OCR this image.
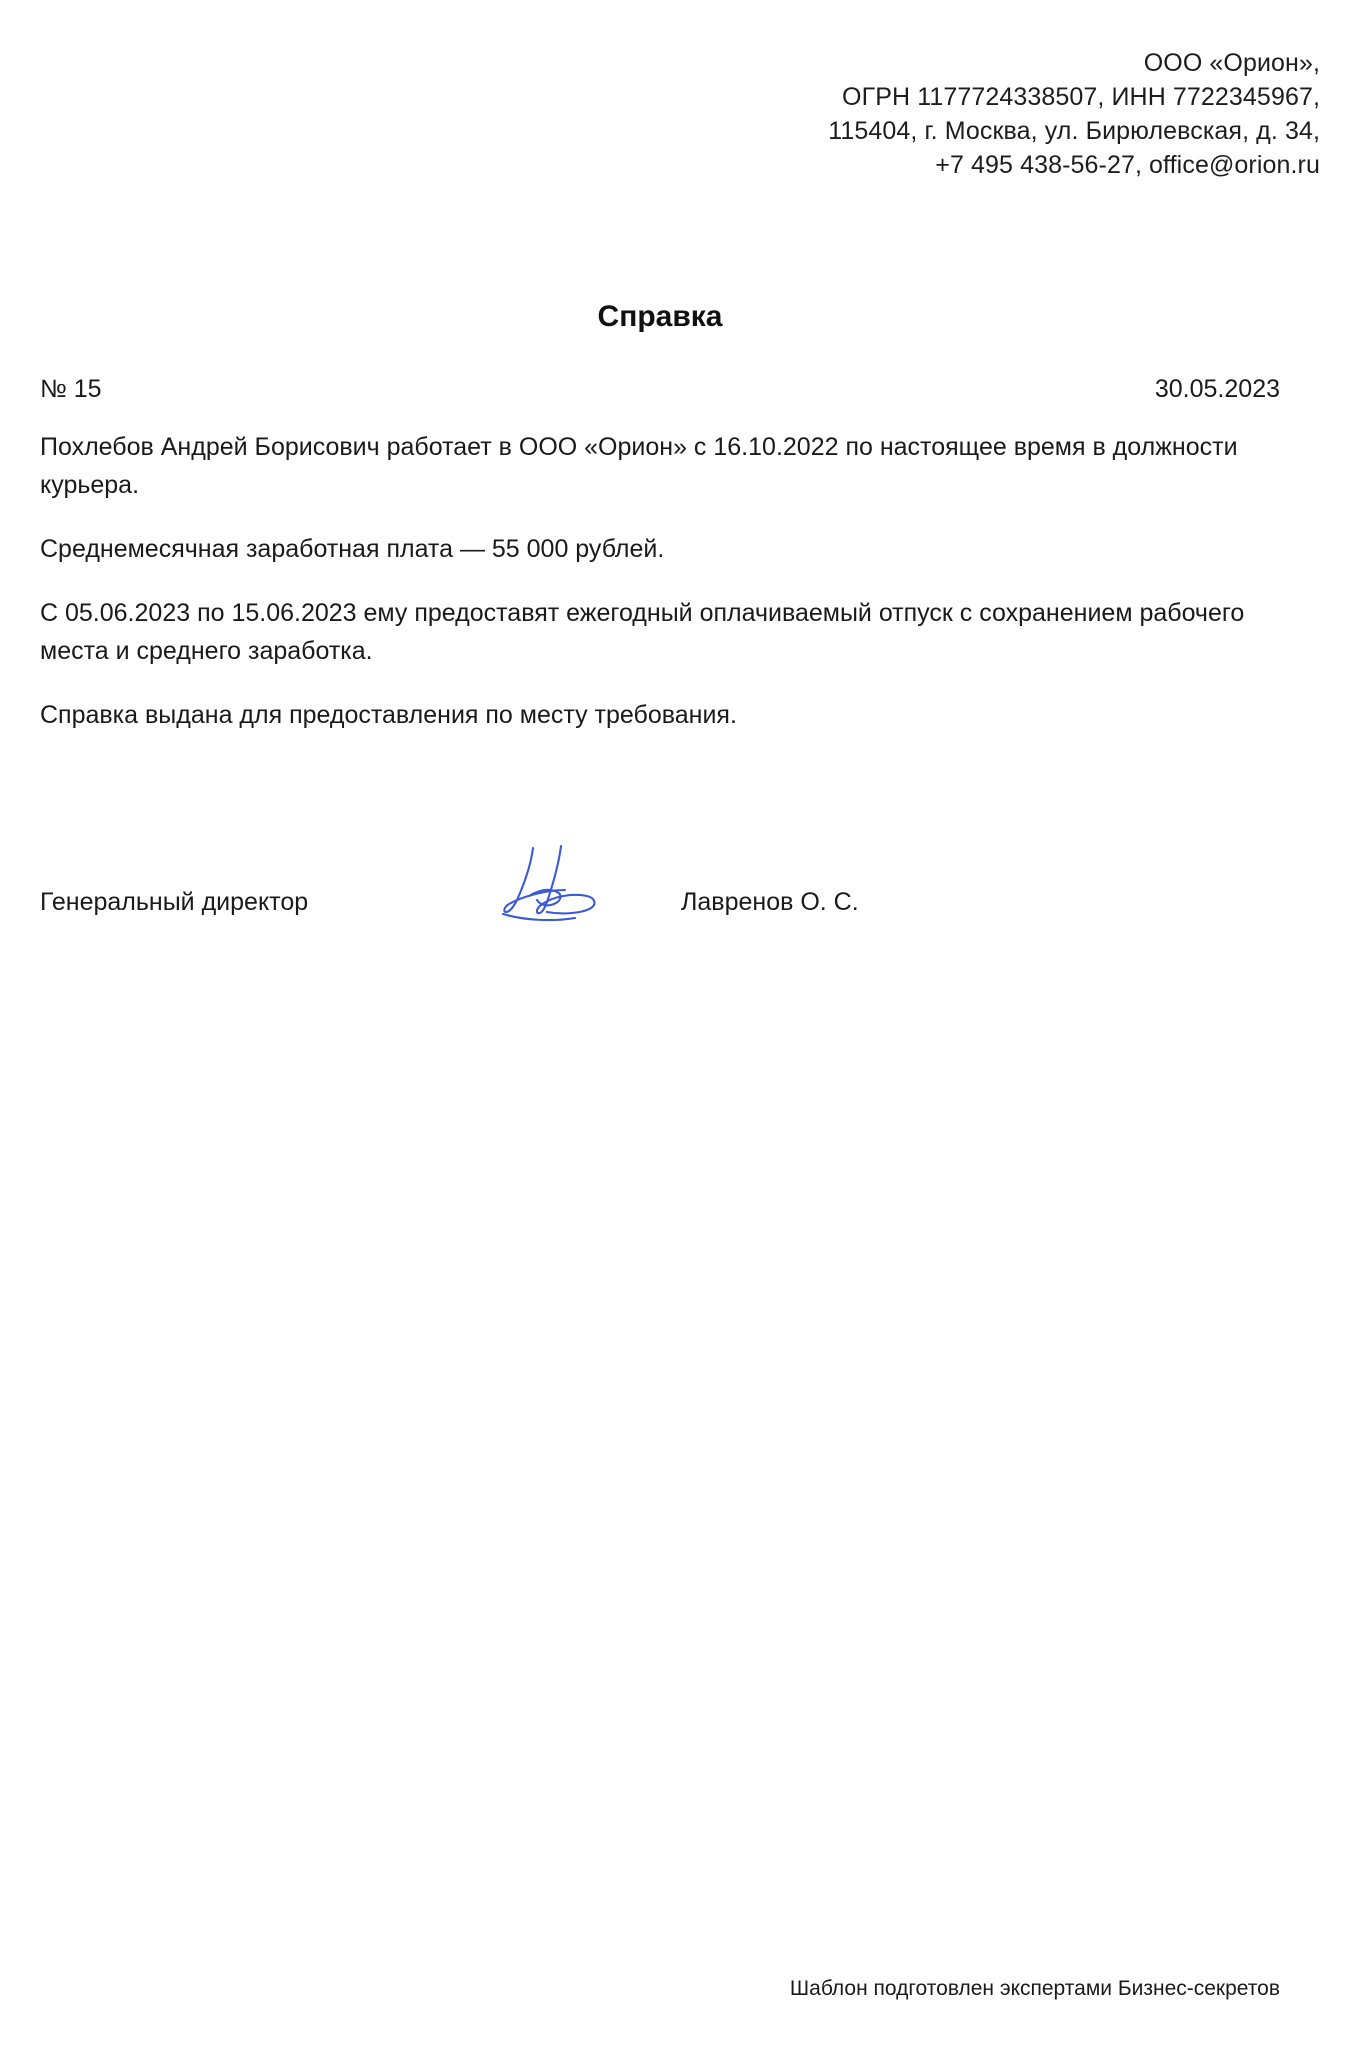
ООО «Орион»,
ОГРН 1177724338507, ИНН 7722345967,
115404, г. Москва, ул. Бирюлевская, д. 34,
+7 495 438-56-27, office@orion.ru
Справка
№ 15	30.05.2023

Похлебов Андрей Борисович работает в ООО «Орион» с 16.10.2022 по настоящее время в должности курьера.

Среднемесячная заработная плата — 55 000 рублей.

С 05.06.2023 по 15.06.2023 ему предоставят ежегодный оплачиваемый отпуск с сохранением рабочего места и среднего заработка.

Справка выдана для предоставления по месту требования.

Генеральный директор	Лавренов О. С.
Шаблон подготовлен экспертами Бизнес-секретов
